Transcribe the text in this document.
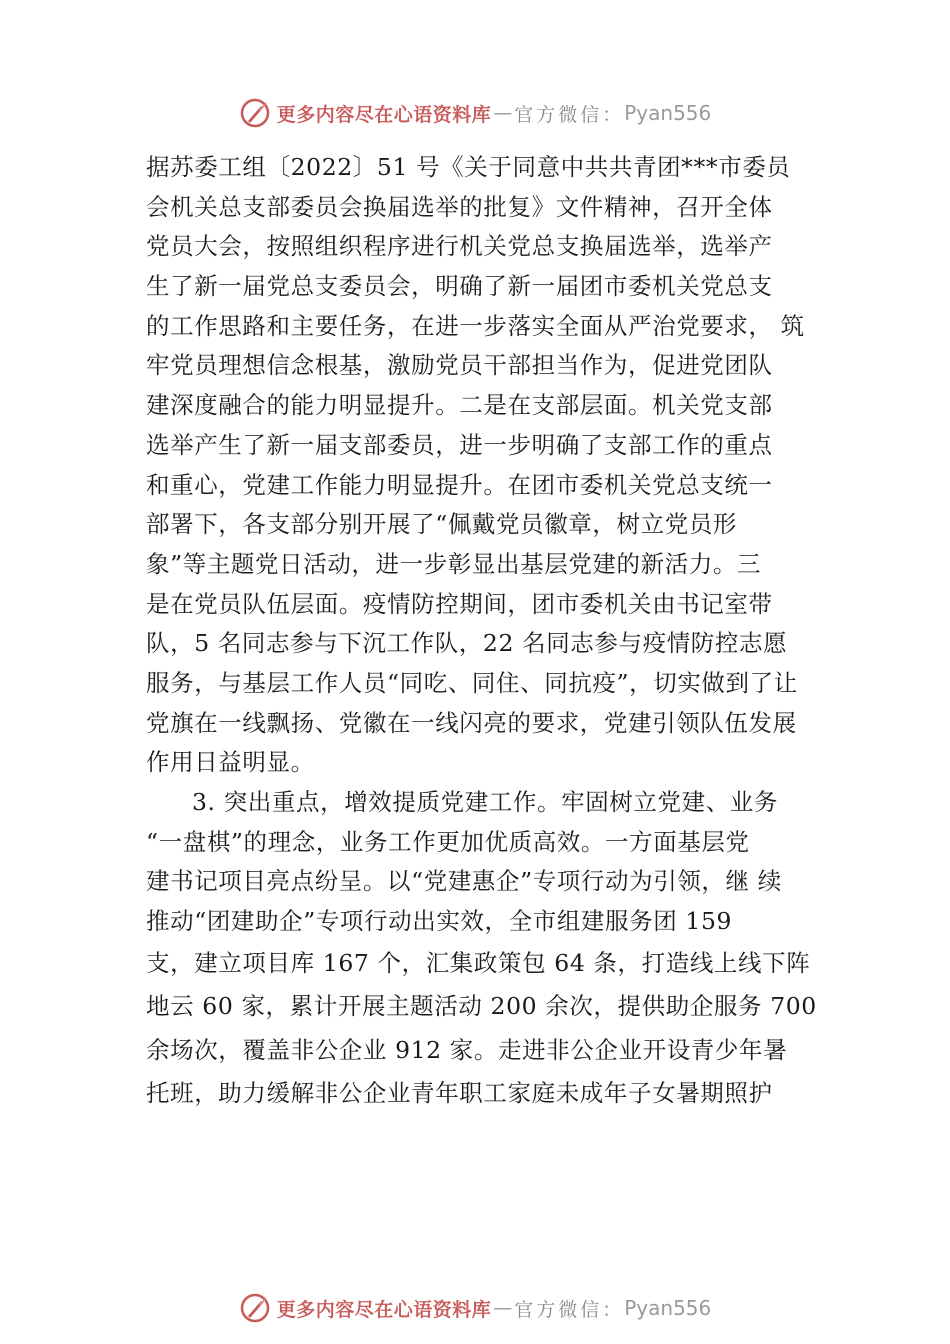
更多内容尽在心语资料库 — 官方微信： Pyan556
据苏委工组〔2022〕51 号《关于同意中共共青团***市委员
会机关总支部委员会换届选举的批复》文件精神，召开全体
党员大会，按照组织程序进行机关党总支换届选举，选举产
生了新一届党总支委员会，明确了新一届团市委机关党总支
的工作思路和主要任务，在进一步落实全面从严治党要求， 筑
牢党员理想信念根基，激励党员干部担当作为，促进党团队
建深度融合的能力明显提升。二是在支部层面。机关党支部
选举产生了新一届支部委员，进一步明确了支部工作的重点
和重心，党建工作能力明显提升。在团市委机关党总支统一
部署下，各支部分别开展了“佩戴党员徽章，树立党员形
象”等主题党日活动，进一步彰显出基层党建的新活力。三
是在党员队伍层面。疫情防控期间，团市委机关由书记室带
队，5 名同志参与下沉工作队，22 名同志参与疫情防控志愿
服务，与基层工作人员“同吃、同住、同抗疫”，切实做到了让
党旗在一线飘扬、党徽在一线闪亮的要求，党建引领队伍发展
作用日益明显。
3. 突出重点，增效提质党建工作。牢固树立党建、业务
“一盘棋”的理念，业务工作更加优质高效。一方面基层党
建书记项目亮点纷呈。以“党建惠企”专项行动为引领，继 续
推动“团建助企”专项行动出实效，全市组建服务团 159
支，建立项目库 167 个，汇集政策包 64 条，打造线上线下阵
地云 60 家，累计开展主题活动 200 余次，提供助企服务 700
余场次，覆盖非公企业 912 家。走进非公企业开设青少年暑
托班，助力缓解非公企业青年职工家庭未成年子女暑期照护
更多内容尽在心语资料库 — 官方微信： Pyan556
